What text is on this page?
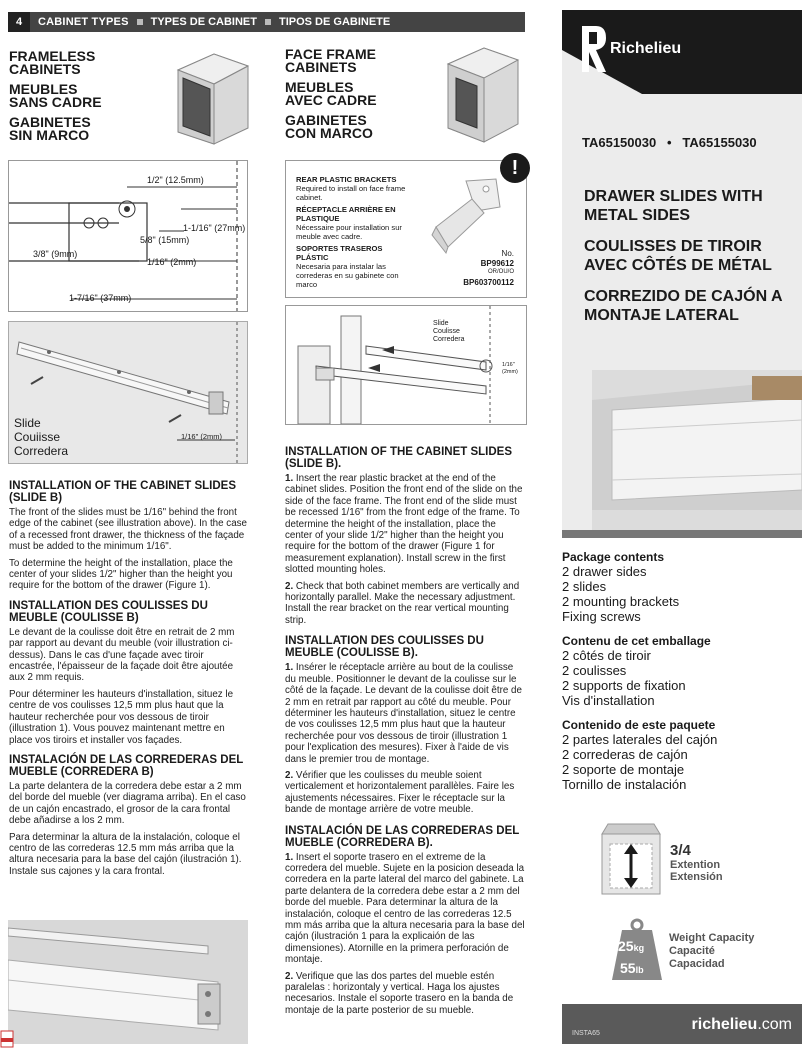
4	CABINET TYPES TYPES DE CABINET TIPOS DE GABINETE
FRAMELESS CABINETS
MEUBLES SANS CADRE
GABINETES SIN MARCO
FACE FRAME CABINETS
MEUBLES AVEC CADRE
GABINETES CON MARCO
1/2" (12.5mm)
1-1/16" (27mm)
5/8" (15mm)
3/8" (9mm)
1/16" (2mm)
1-7/16" (37mm)
Slide
Couiisse
Corredera
1/16" (2mm)
REAR PLASTIC BRACKETS
Required to install on face frame cabinet.
RÉCEPTACLE ARRIÈRE EN PLASTIQUE
Nécessaire pour installation sur meuble avec cadre.
SOPORTES TRASEROS PLÁSTIC
Necesaria para instalar las correderas en su gabinete con marco
!
No.
BP99612
OR/OU/O
BP603700112
Slide
Coulisse
Corredera
1/16"
(2mm)
INSTALLATION OF THE CABINET SLIDES (SLIDE B)

The front of the slides must be 1/16" behind the front edge of the cabinet (see illustration above). In the case of a recessed front drawer, the thickness of the façade must be added to the minimum 1/16".

To determine the height of the installation, place the center of your slides 1/2" higher than the height you require for the bottom of the drawer (Figure 1).

INSTALLATION DES COULISSES DU MEUBLE (COULISSE B)

Le devant de la coulisse doit être en retrait de 2 mm par rapport au devant du meuble (voir illustration ci-dessus). Dans le cas d'une façade avec tiroir encastrée, l'épaisseur de la façade doit être ajoutée aux 2 mm requis.

Pour déterminer les hauteurs d'installation, situez le centre de vos coulisses 12,5 mm plus haut que la hauteur recherchée pour vos dessous de tiroir (illustration 1). Vous pouvez maintenant mettre en place vos tiroirs et installer vos façades.

INSTALACIÓN DE LAS CORREDERAS DEL MUEBLE (CORREDERA B)

La parte delantera de la corredera debe estar a 2 mm del borde del mueble (ver diagrama arriba). En el caso de un cajón encastrado, el grosor de la cara frontal debe añadirse a los 2 mm.

Para determinar la altura de la instalación, coloque el centro de las correderas 12.5 mm más arriba que la altura necesaria para la base del cajón (ilustración 1). Instale sus cajones y la cara frontal.

INSTALLATION OF THE CABINET SLIDES (SLIDE B).

1. Insert the rear plastic bracket at the end of the cabinet slides. Position the front end of the slide on the side of the face frame. The front end of the slide must be recessed 1/16" from the front edge of the frame. To determine the height of the installation, place the center of your slide 1/2" higher than the height you require for the bottom of the drawer (Figure 1 for measurement explanation). Install screw in the first slotted mounting holes.

2. Check that both cabinet members are vertically and horizontally parallel. Make the necessary adjustment. Install the rear bracket on the rear vertical mounting strip.

INSTALLATION DES COULISSES DU MEUBLE (COULISSE B).

1. Insérer le réceptacle arrière au bout de la coulisse du meuble. Positionner le devant de la coulisse sur le côté de la façade. Le devant de la coulisse doit être de 2 mm en retrait par rapport au côté du meuble. Pour déterminer les hauteurs d'installation, situez le centre de vos coulisses 12,5 mm plus haut que la hauteur recherchée pour vos dessous de tiroir (illustration 1 pour l'explication des mesures). Fixer à l'aide de vis dans le premier trou de montage.

2. Vérifier que les coulisses du meuble soient verticalement et horizontalement parallèles. Faire les ajustements nécessaires. Fixer le réceptacle sur la bande de montage arrière de votre meuble.

INSTALACIÓN DE LAS CORREDERAS DEL MUEBLE (CORREDERA B).

1. Insert el soporte trasero en el extreme de la corredera del mueble. Sujete en la posicion deseada la corredera en la parte lateral del marco del gabinete. La parte delantera de la corredera debe estar a 2 mm del borde del mueble. Para determinar la altura de la instalación, coloque el centro de las correderas 12.5 mm más arriba que la altura necesaria para la base del cajón (ilustración 1 para la explicaión de las dimensiones). Atornille en la primera perforación de montaje.

2. Verifique que las dos partes del mueble estén paralelas : horizontaly y vertical. Haga los ajustes necesarios. Instale el soporte trasero en la banda de montaje de la parte posterior de su mueble.

Richelieu
TA65150030   •   TA65155030
DRAWER SLIDES WITH METAL SIDES
COULISSES DE TIROIR AVEC CÔTÉS DE MÉTAL
CORREZIDO DE CAJÓN A MONTAJE LATERAL
Package contents
2 drawer sides
2 slides
2 mounting brackets
Fixing screws
Contenu de cet emballage
2 côtés de tiroir
2 coulisses
2 supports de fixation
Vis d'installation
Contenido de este paquete
2 partes laterales del cajón
2 correderas de cajón
2 soporte de montaje
Tornillo de instalación
3/4
Extention
Extensión
25kg
55lb
Weight Capacity
Capacité
Capacidad
INSTA65
richelieu.com
